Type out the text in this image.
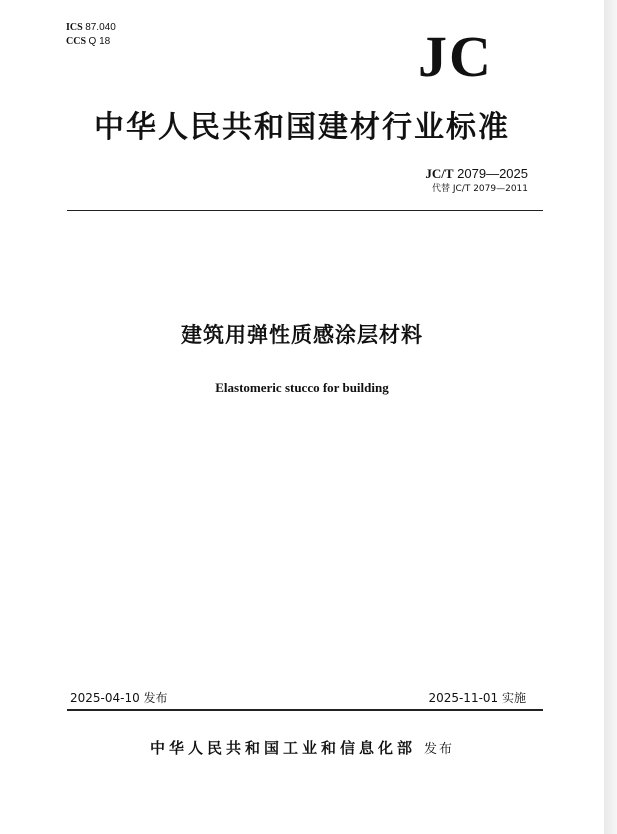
ICS 87.040
CCS Q 18	JC
中华人民共和国建材行业标准
JC/T 2079—2025
代替 JC/T 2079—2011
建筑用弹性质感涂层材料
Elastomeric stucco for building
2025-04-10 发布	2025-11-01 实施
中华人民共和国工业和信息化部 发布
